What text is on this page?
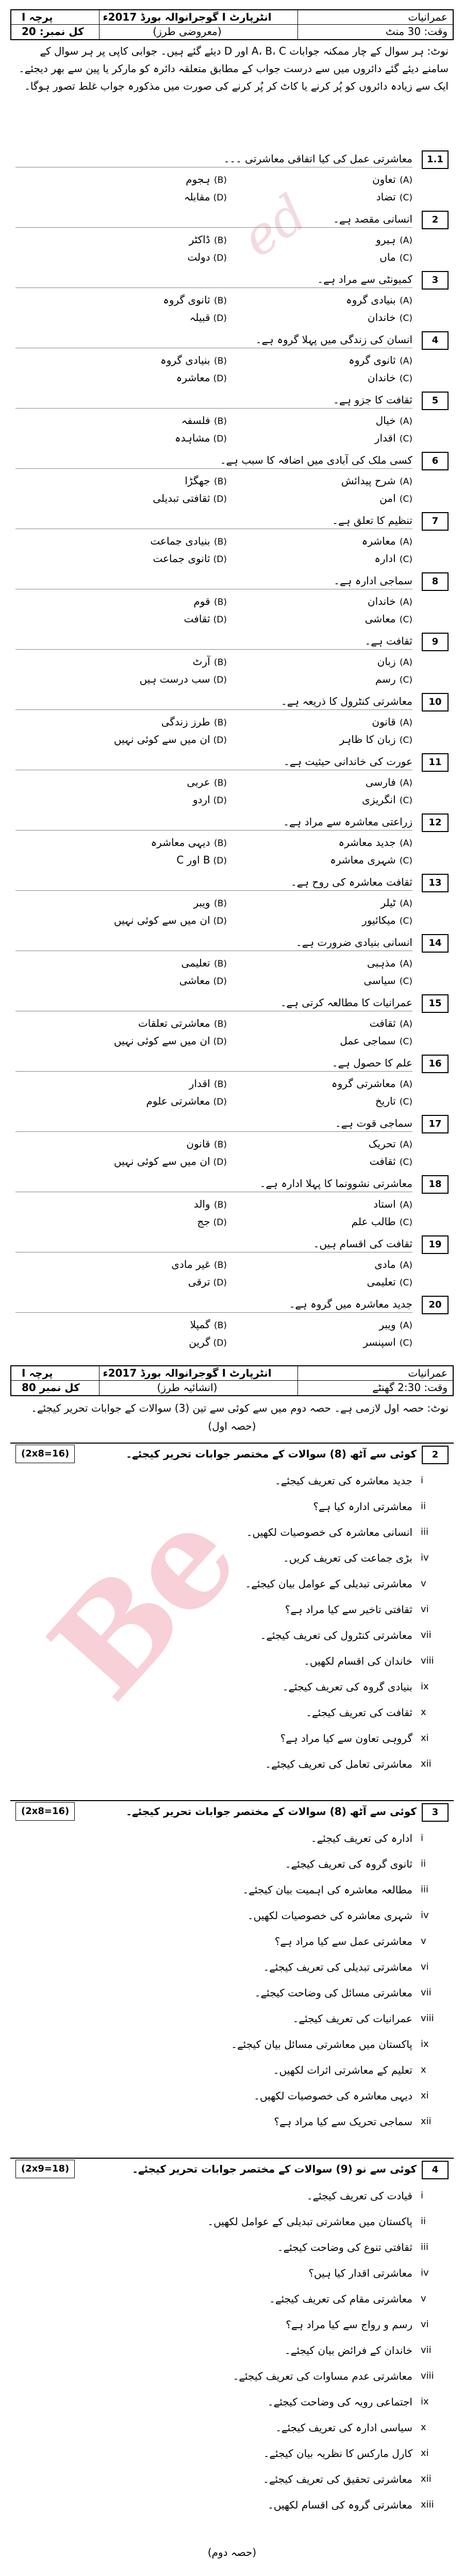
ed
Be
عمرانیات
انٹرپارٹ I گوجرانوالہ بورڈ 2017ء
پرچہ I
وقت: 30 منٹ
(معروضی طرز)
کل نمبر: 20
نوٹ: ہر سوال کے چار ممکنہ جوابات A، B، C اور D دیئے گئے ہیں۔ جوابی کاپی پر ہر سوال کے سامنے دیئے گئے دائروں میں سے درست جواب کے مطابق متعلقہ دائرہ کو مارکر یا پین سے بھر دیجئے۔ ایک سے زیادہ دائروں کو پُر کرنے یا کاٹ کر پُر کرنے کی صورت میں مذکورہ جواب غلط تصور ہوگا۔
1.1
معاشرتی عمل کی کیا اتفاقی معاشرتی ۔۔۔
(A) تعاون
(B) ہجوم
(C) تضاد
(D) مقابلہ
2
انسانی مقصد ہے۔
(A) ہیرو
(B) ڈاکٹر
(C) ماں
(D) دولت
3
کمیونٹی سے مراد ہے۔
(A) بنیادی گروہ
(B) ثانوی گروہ
(C) خاندان
(D) قبیلہ
4
انسان کی زندگی میں پہلا گروہ ہے۔
(A) ثانوی گروہ
(B) بنیادی گروہ
(C) خاندان
(D) معاشرہ
5
ثقافت کا جزو ہے۔
(A) خیال
(B) فلسفہ
(C) اقدار
(D) مشاہدہ
6
کسی ملک کی آبادی میں اضافہ کا سبب ہے۔
(A) شرح پیدائش
(B) جھگڑا
(C) امن
(D) ثقافتی تبدیلی
7
تنظیم کا تعلق ہے۔
(A) معاشرہ
(B) بنیادی جماعت
(C) ادارہ
(D) ثانوی جماعت
8
سماجی ادارہ ہے۔
(A) خاندان
(B) قوم
(C) معاشی
(D) ثقافت
9
ثقافت ہے۔
(A) زبان
(B) آرٹ
(C) رسم
(D) سب درست ہیں
10
معاشرتی کنٹرول کا ذریعہ ہے۔
(A) قانون
(B) طرز زندگی
(C) زبان کا ظاہر
(D) ان میں سے کوئی نہیں
11
عورت کی خاندانی حیثیت ہے۔
(A) فارسی
(B) عربی
(C) انگریزی
(D) اردو
12
زراعتی معاشرہ سے مراد ہے۔
(A) جدید معاشرہ
(B) دیہی معاشرہ
(C) شہری معاشرہ
(D) B اور C
13
ثقافت معاشرہ کی روح ہے۔
(A) ٹیلر
(B) ویبر
(C) میکائیور
(D) ان میں سے کوئی نہیں
14
انسانی بنیادی ضرورت ہے۔
(A) مذہبی
(B) تعلیمی
(C) سیاسی
(D) معاشی
15
عمرانیات کا مطالعہ کرتی ہے۔
(A) ثقافت
(B) معاشرتی تعلقات
(C) سماجی عمل
(D) ان میں سے کوئی نہیں
16
علم کا حصول ہے۔
(A) معاشرتی گروہ
(B) اقدار
(C) تاریخ
(D) معاشرتی علوم
17
سماجی قوت ہے۔
(A) تحریک
(B) قانون
(C) ثقافت
(D) ان میں سے کوئی نہیں
18
معاشرتی نشوونما کا پہلا ادارہ ہے۔
(A) استاد
(B) والد
(C) طالب علم
(D) جج
19
ثقافت کی اقسام ہیں۔
(A) مادی
(B) غیر مادی
(C) تعلیمی
(D) ترقی
20
جدید معاشرہ میں گروہ ہے۔
(A) ویبر
(B) گمپلا
(C) اسپنسر
(D) گرین
عمرانیات
انٹرپارٹ I گوجرانوالہ بورڈ 2017ء
پرچہ I
وقت: 2:30 گھنٹے
(انشائیہ طرز)
کل نمبر 80
نوٹ: حصہ اول لازمی ہے۔ حصہ دوم میں سے کوئی سے تین (3) سوالات کے جوابات تحریر کیجئے۔
(حصہ اول)
2
کوئی سے آٹھ (8) سوالات کے مختصر جوابات تحریر کیجئے۔
(2x8=16)
i
جدید معاشرہ کی تعریف کیجئے۔
ii
معاشرتی ادارہ کیا ہے؟
iii
انسانی معاشرہ کی خصوصیات لکھیں۔
iv
بڑی جماعت کی تعریف کریں۔
v
معاشرتی تبدیلی کے عوامل بیان کیجئے۔
vi
ثقافتی تاخیر سے کیا مراد ہے؟
vii
معاشرتی کنٹرول کی تعریف کیجئے۔
viii
خاندان کی اقسام لکھیں۔
ix
بنیادی گروہ کی تعریف کیجئے۔
x
ثقافت کی تعریف کیجئے۔
xi
گروہی تعاون سے کیا مراد ہے؟
xii
معاشرتی تعامل کی تعریف کیجئے۔
3
کوئی سے آٹھ (8) سوالات کے مختصر جوابات تحریر کیجئے۔
(2x8=16)
i
ادارہ کی تعریف کیجئے۔
ii
ثانوی گروہ کی تعریف کیجئے۔
iii
مطالعہ معاشرہ کی اہمیت بیان کیجئے۔
iv
شہری معاشرہ کی خصوصیات لکھیں۔
v
معاشرتی عمل سے کیا مراد ہے؟
vi
معاشرتی تبدیلی کی تعریف کیجئے۔
vii
معاشرتی مسائل کی وضاحت کیجئے۔
viii
عمرانیات کی تعریف کیجئے۔
ix
پاکستان میں معاشرتی مسائل بیان کیجئے۔
x
تعلیم کے معاشرتی اثرات لکھیں۔
xi
دیہی معاشرہ کی خصوصیات لکھیں۔
xii
سماجی تحریک سے کیا مراد ہے؟
4
کوئی سے نو (9) سوالات کے مختصر جوابات تحریر کیجئے۔
(2x9=18)
i
قیادت کی تعریف کیجئے۔
ii
پاکستان میں معاشرتی تبدیلی کے عوامل لکھیں۔
iii
ثقافتی تنوع کی وضاحت کیجئے۔
iv
معاشرتی اقدار کیا ہیں؟
v
معاشرتی مقام کی تعریف کیجئے۔
vi
رسم و رواج سے کیا مراد ہے؟
vii
خاندان کے فرائض بیان کیجئے۔
viii
معاشرتی عدم مساوات کی تعریف کیجئے۔
ix
اجتماعی رویہ کی وضاحت کیجئے۔
x
سیاسی ادارہ کی تعریف کیجئے۔
xi
کارل مارکس کا نظریہ بیان کیجئے۔
xii
معاشرتی تحقیق کی تعریف کیجئے۔
xiii
معاشرتی گروہ کی اقسام لکھیں۔
(حصہ دوم)
